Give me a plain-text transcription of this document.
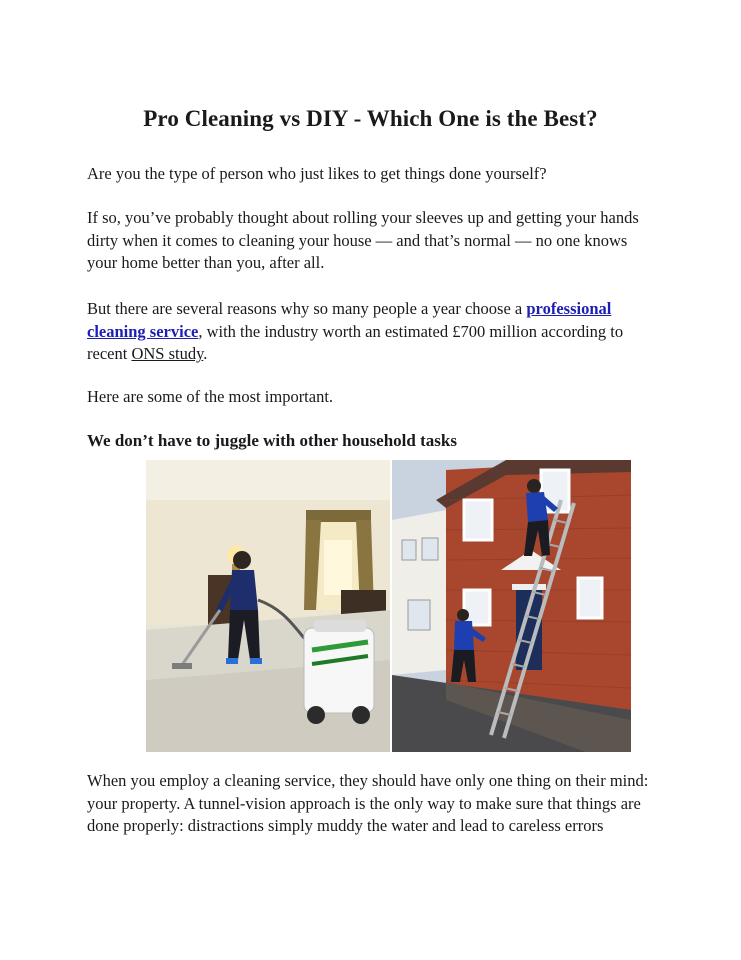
Pro Cleaning vs DIY - Which One is the Best?

Are you the type of person who just likes to get things done yourself?

If so, you’ve probably thought about rolling your sleeves up and getting your hands dirty when it comes to cleaning your house — and that’s normal — no one knows your home better than you, after all.

But there are several reasons why so many people a year choose a professional cleaning service, with the industry worth an estimated £700 million according to recent ONS study.

Here are some of the most important.

We don’t have to juggle with other household tasks

When you employ a cleaning service, they should have only one thing on their mind: your property. A tunnel-vision approach is the only way to make sure that things are done properly: distractions simply muddy the water and lead to careless errors
